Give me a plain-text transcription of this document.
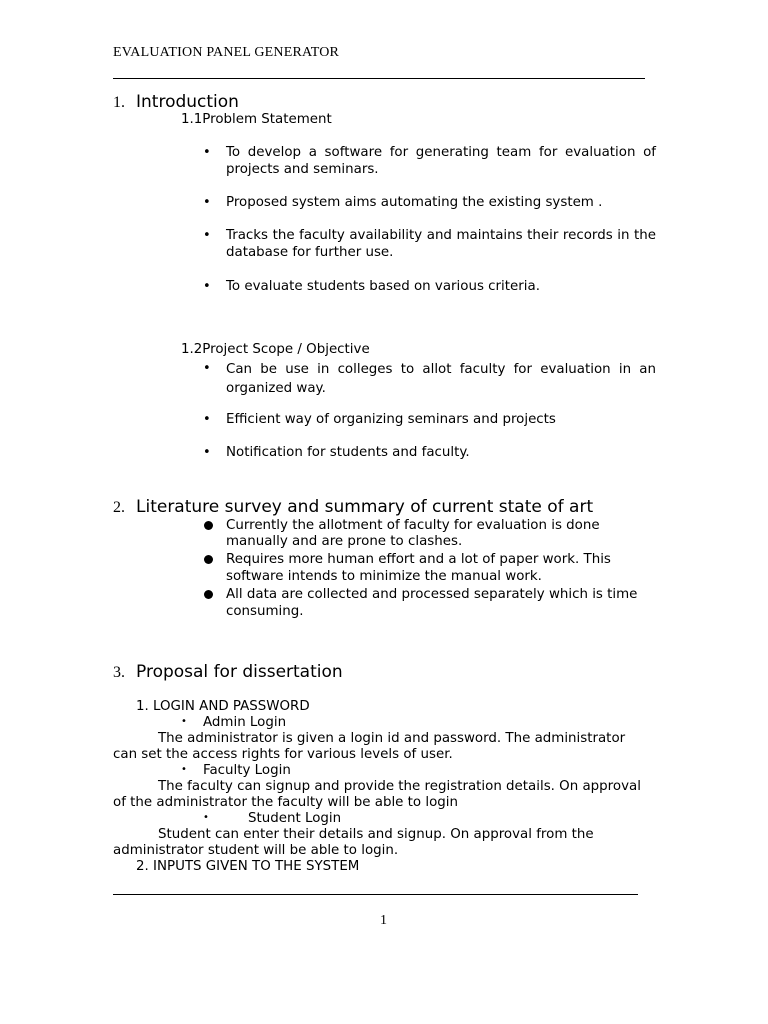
EVALUATION PANEL GENERATOR
1. Introduction
1.1Problem Statement
• To develop a software for generating team for evaluation of projects and seminars.
• Proposed system aims automating the existing system .
• Tracks the faculty availability and maintains their records in the database for further use.
• To evaluate students based on various criteria.
1.2Project Scope / Objective
• Can be use in colleges to allot faculty for evaluation in an organized way.
• Efficient way of organizing seminars and projects
• Notification for students and faculty.
2. Literature survey and summary of current state of art
Currently the allotment of faculty for evaluation is done
manually and are prone to clashes.
Requires more human effort and a lot of paper work. This
software intends to minimize the manual work.
All data are collected and processed separately which is time
consuming.
3. Proposal for dissertation
1. LOGIN AND PASSWORD
• Admin Login
The administrator is given a login id and password. The administrator
can set the access rights for various levels of user.
• Faculty Login
The faculty can signup and provide the registration details. On approval
of the administrator the faculty will be able to login
•	Student Login
Student can enter their details and signup. On approval from the
administrator student will be able to login.
2. INPUTS GIVEN TO THE SYSTEM
1
